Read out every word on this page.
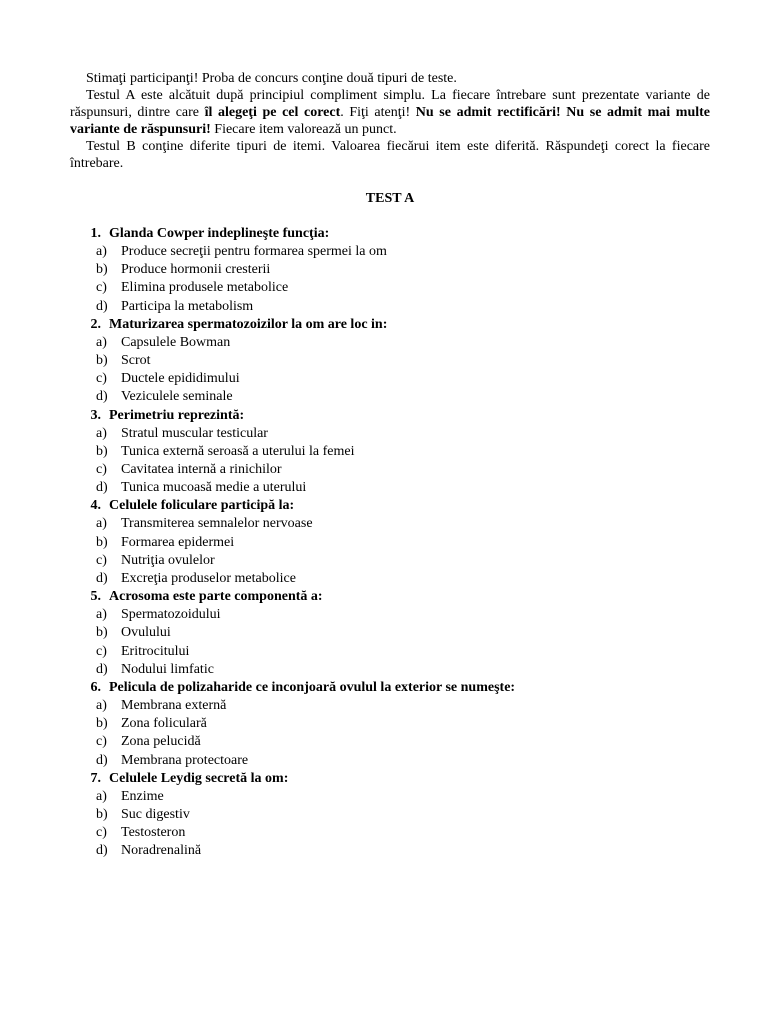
Stimaţi participanţi! Proba de concurs conţine două tipuri de teste.

Testul A este alcătuit după principiul compliment simplu. La fiecare întrebare sunt prezentate variante de răspunsuri, dintre care îl alegeţi pe cel corect. Fiţi atenţi! Nu se admit rectificări! Nu se admit mai multe variante de răspunsuri! Fiecare item valorează un punct.

Testul B conţine diferite tipuri de itemi. Valoarea fiecărui item este diferită. Răspundeţi corect la fiecare întrebare.

TEST A
1. Glanda Cowper indeplineşte funcţia:
a)	Produce secreţii pentru formarea spermei la om
b) Produce hormonii cresterii
c)	Elimina produsele metabolice
d) Participa la metabolism
2. Maturizarea spermatozoizilor la om are loc in:
a)	Capsulele Bowman
b) Scrot
c)	Ductele epididimului
d) Veziculele seminale
3. Perimetriu reprezintă:
a)	Stratul muscular testicular
b) Tunica externă seroasă a uterului la femei
c)	Cavitatea internă a rinichilor
d) Tunica mucoasă medie a uterului
4. Celulele foliculare participă la:
a)	Transmiterea semnalelor nervoase
b) Formarea epidermei
c)	Nutriţia ovulelor
d) Excreţia produselor metabolice
5. Acrosoma este parte componentă a:
a)	Spermatozoidului
b) Ovulului
c)	Eritrocitului
d) Nodului limfatic
6. Pelicula de polizaharide ce inconjoară ovulul la exterior se numeşte:
a)	Membrana externă
b) Zona foliculară
c)	Zona pelucidă
d) Membrana protectoare
7. Celulele Leydig secretă la om:
a)	Enzime
b) Suc digestiv
c)	Testosteron
d) Noradrenalină
